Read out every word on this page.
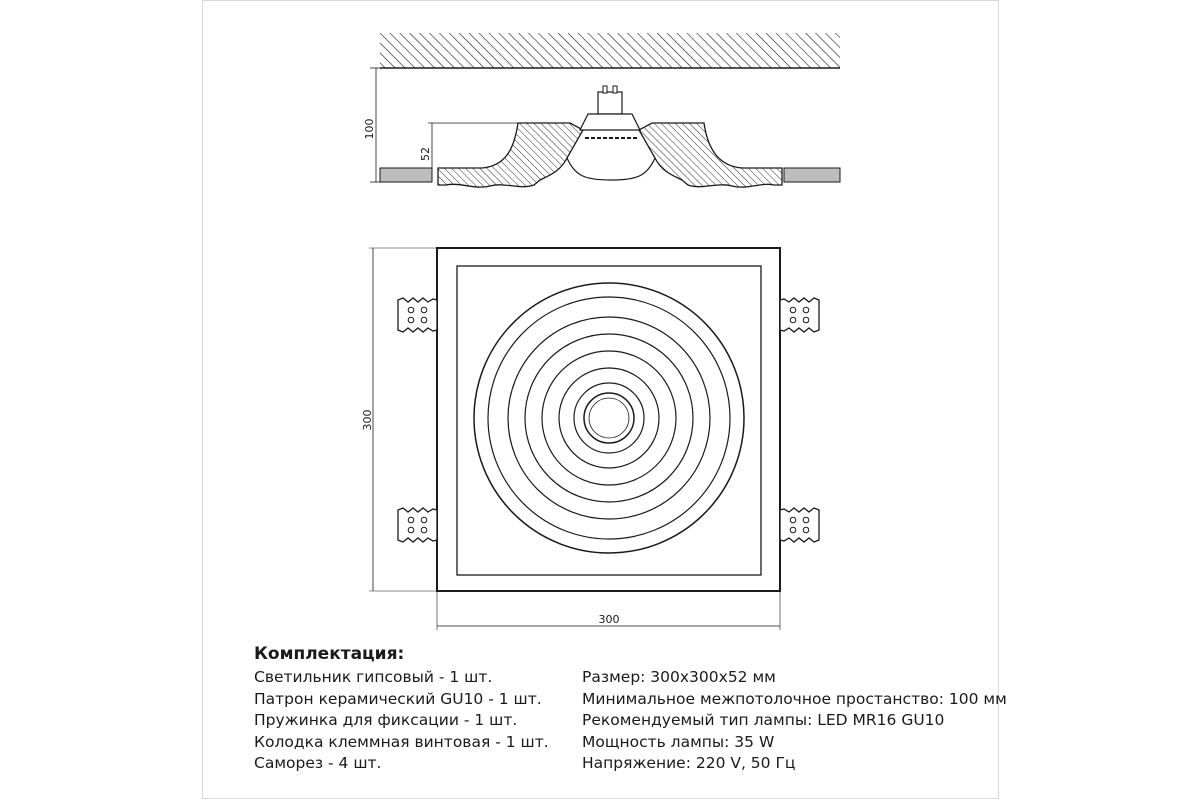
100
52
300
300
Комплектация:
Светильник гипсовый - 1 шт.
Патрон керамический GU10 - 1 шт.
Пружинка для фиксации - 1 шт.
Колодка клеммная винтовая - 1 шт.
Саморез - 4 шт.
Размер: 300х300х52 мм
Минимальное межпотолочное простанство: 100 мм
Рекомендуемый тип лампы: LED MR16 GU10
Мощность лампы: 35 W
Напряжение: 220 V, 50 Гц
